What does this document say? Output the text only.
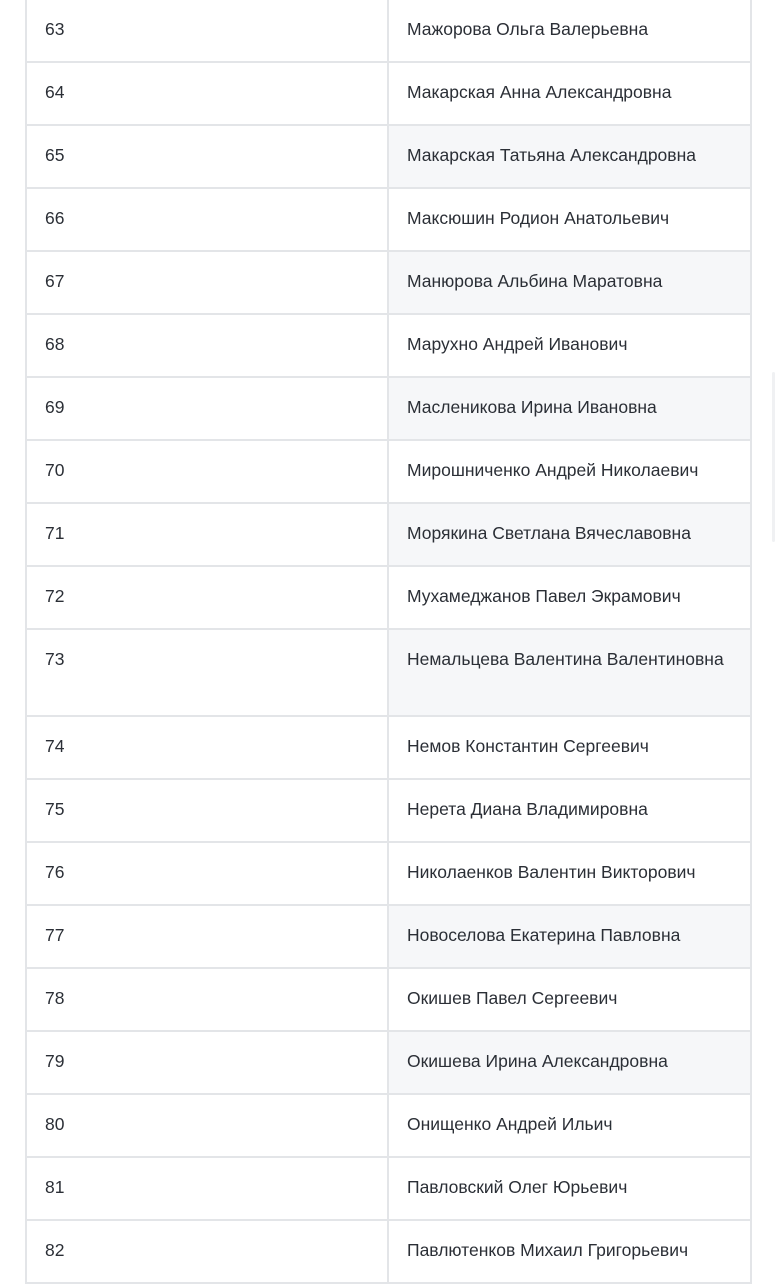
63	Мажорова Ольга Валерьевна
64	Макарская Анна Александровна
65	Макарская Татьяна Александровна
66	Максюшин Родион Анатольевич
67	Манюрова Альбина Маратовна
68	Марухно Андрей Иванович
69	Масленикова Ирина Ивановна
70	Мирошниченко Андрей Николаевич
71	Морякина Светлана Вячеславовна
72	Мухамеджанов Павел Экрамович
73	Немальцева Валентина Валентиновна
74	Немов Константин Сергеевич
75	Нерета Диана Владимировна
76	Николаенков Валентин Викторович
77	Новоселова Екатерина Павловна
78	Окишев Павел Сергеевич
79	Окишева Ирина Александровна
80	Онищенко Андрей Ильич
81	Павловский Олег Юрьевич
82	Павлютенков Михаил Григорьевич
